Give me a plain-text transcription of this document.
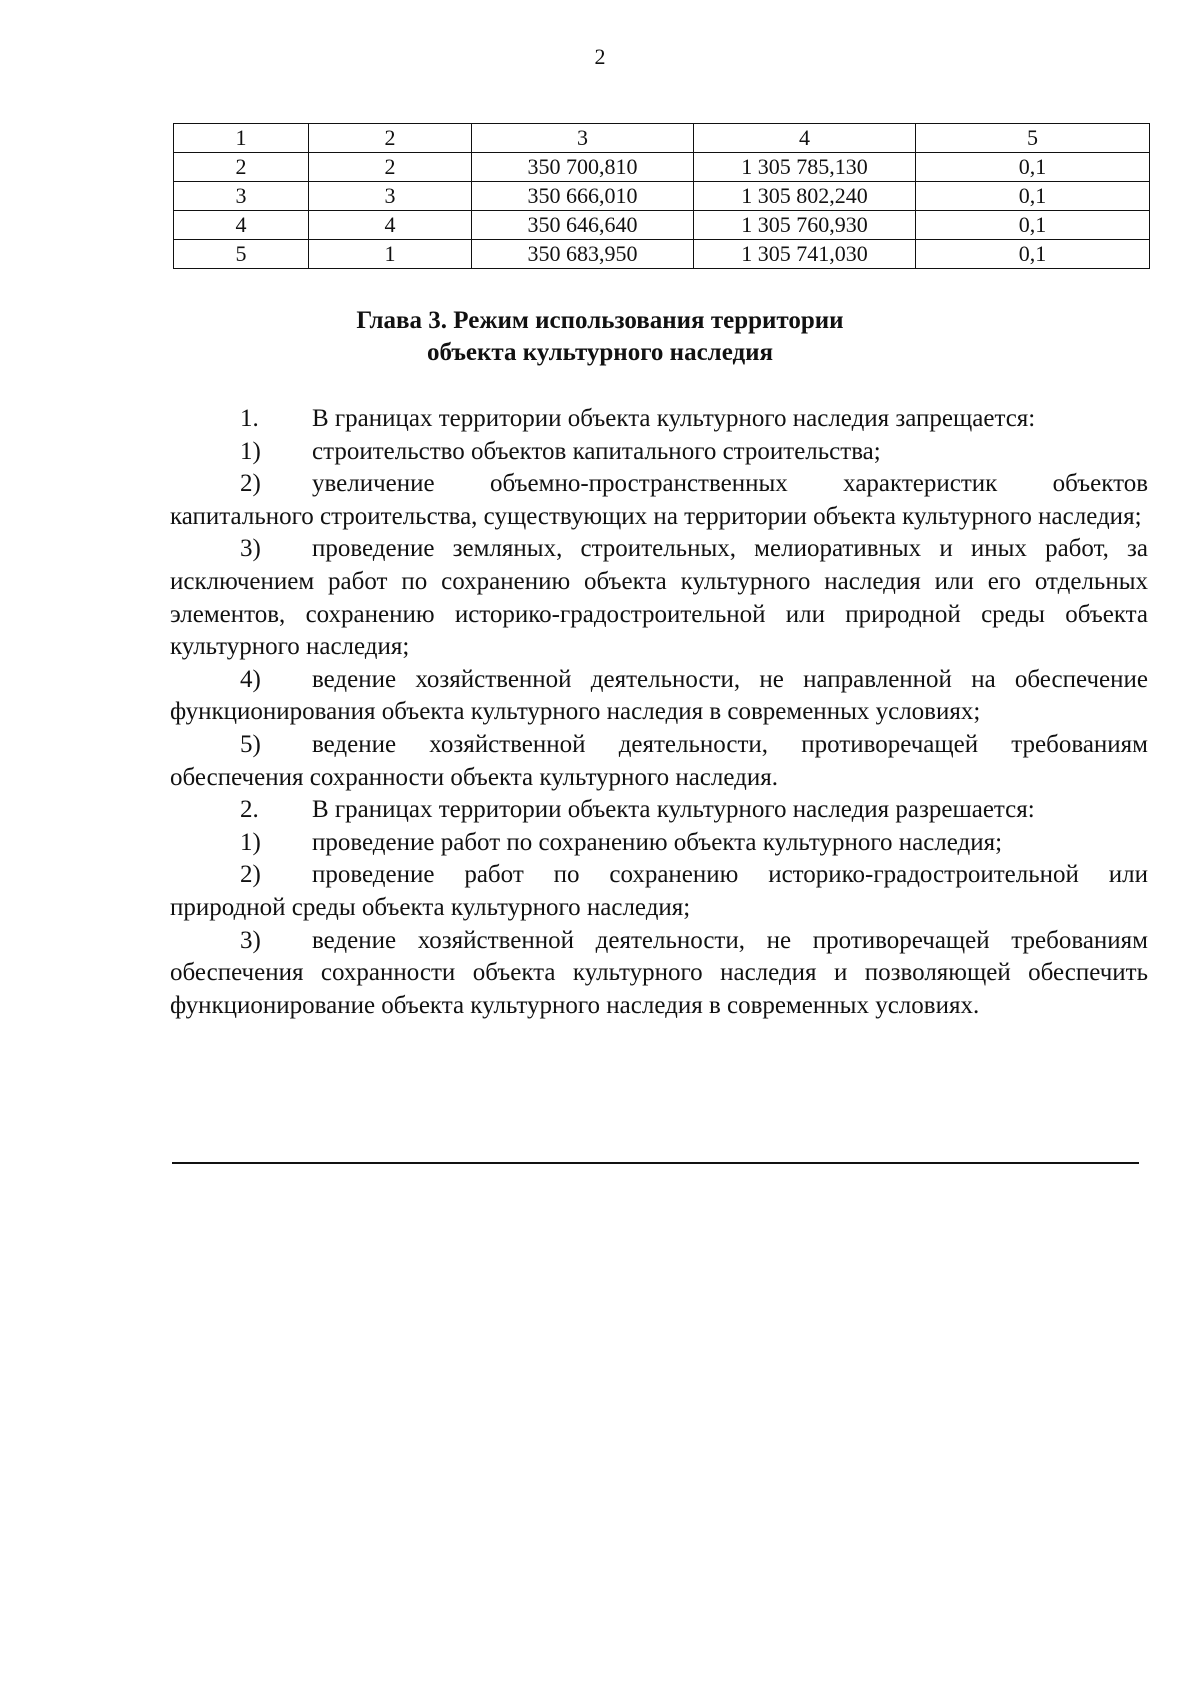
2
1	2	3	4	5
2	2	350 700,810	1 305 785,130	0,1
3	3	350 666,010	1 305 802,240	0,1
4	4	350 646,640	1 305 760,930	0,1
5	1	350 683,950	1 305 741,030	0,1
Глава 3. Режим использования территории
объекта культурного наследия

1. В границах территории объекта культурного наследия запрещается:

1) строительство объектов капитального строительства;

2) увеличение объемно-пространственных характеристик объектов капитального строительства, существующих на территории объекта культурного наследия;

3) проведение земляных, строительных, мелиоративных и иных работ, за исключением работ по сохранению объекта культурного наследия или его отдельных элементов, сохранению историко-градостроительной или природной среды объекта культурного наследия;

4) ведение хозяйственной деятельности, не направленной на обеспечение функционирования объекта культурного наследия в современных условиях;

5) ведение хозяйственной деятельности, противоречащей требованиям обеспечения сохранности объекта культурного наследия.

2. В границах территории объекта культурного наследия разрешается:

1) проведение работ по сохранению объекта культурного наследия;

2) проведение работ по сохранению историко-градостроительной или природной среды объекта культурного наследия;

3) ведение хозяйственной деятельности, не противоречащей требованиям обеспечения сохранности объекта культурного наследия и позволяющей обеспечить функционирование объекта культурного наследия в современных условиях.
